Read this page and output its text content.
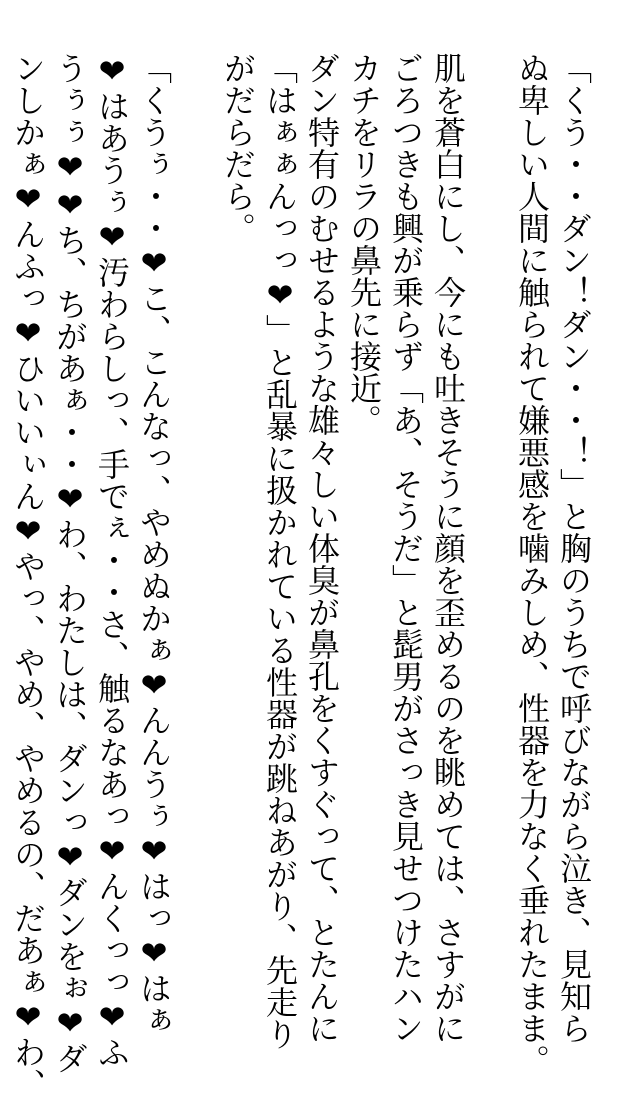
「くう・・ダン！ダン・・！」と胸のうちで呼びながら泣き、見知ら

ぬ卑しい人間に触られて嫌悪感を噛みしめ、性器を力なく垂れたまま。

肌を蒼白にし、今にも吐きそうに顔を歪めるのを眺めては、さすがに

ごろつきも興が乗らず「あ、そうだ」と髭男がさっき見せつけたハン

カチをリラの鼻先に接近。

ダン特有のむせるような雄々しい体臭が鼻孔をくすぐって、とたんに

「はぁぁんっっ❤」と乱暴に扱かれている性器が跳ねあがり、先走り

がだらだら。

「くうぅ・・❤こ、こんなっ、やめぬかぁ❤んんうぅ❤はっ❤はぁ

❤はあうぅ❤汚わらしっ、手でぇ・・さ、触るなあっ❤んくっっ❤ふ

うぅぅ❤❤ち、ちがあぁ・・❤わ、わたしは、ダンっ❤ダンをぉ❤ダ

ンしかぁ❤んふっ❤ひいいぃん❤やっ、やめ、やめるの、だあぁ❤わ、
